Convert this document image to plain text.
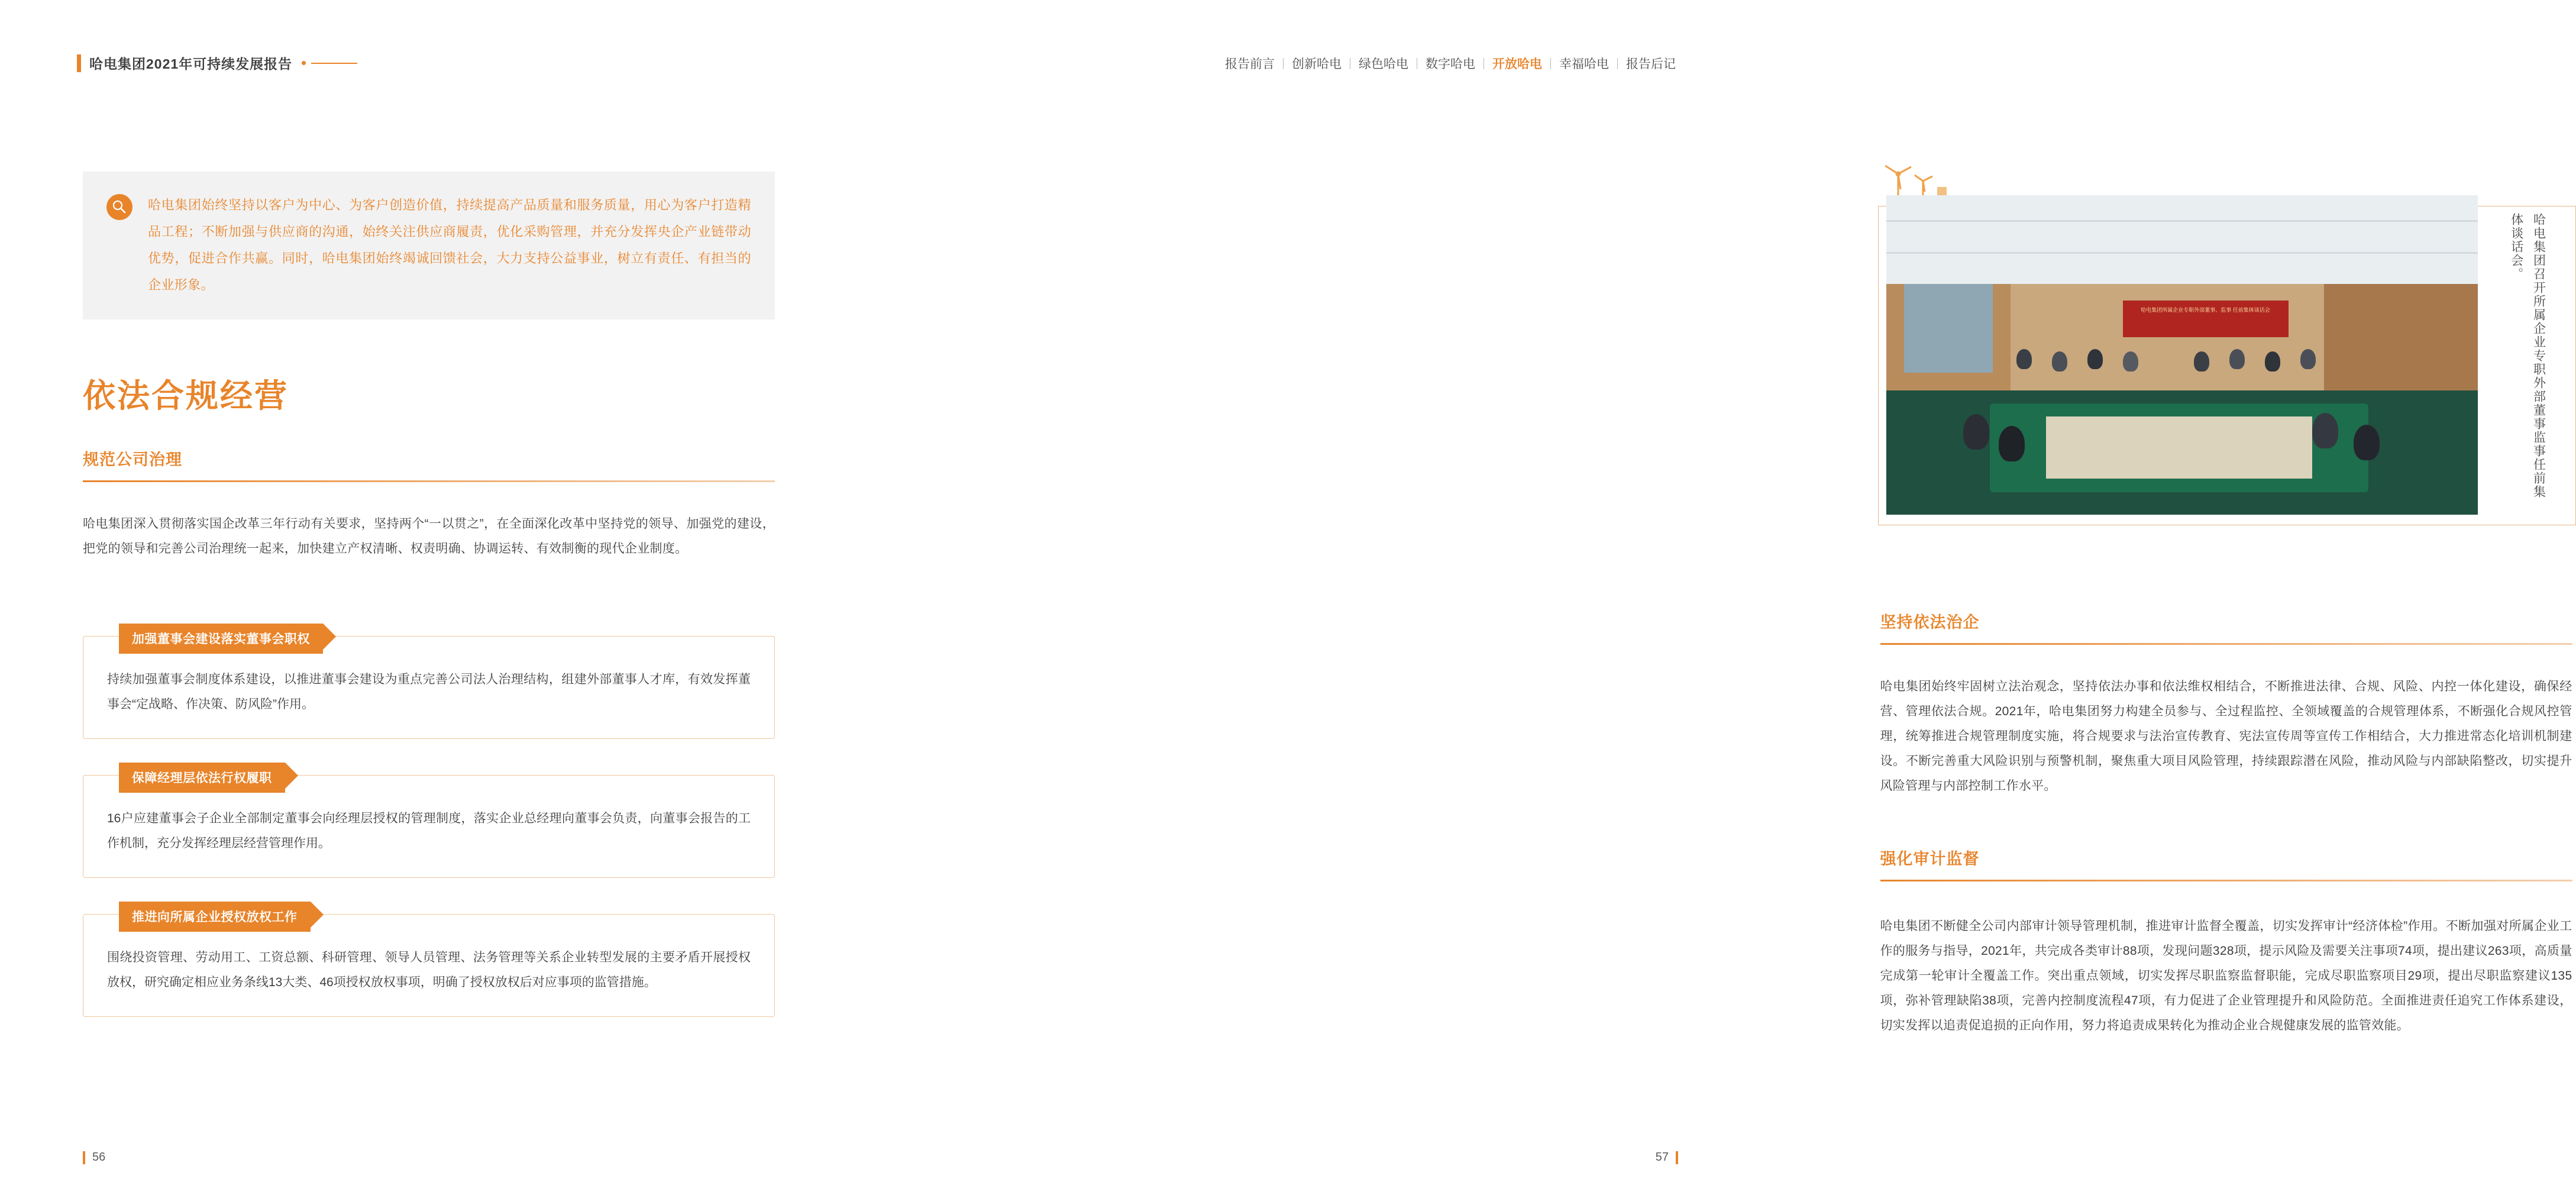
哈电集团2021年可持续发展报告
哈电集团始终坚持以客户为中心、为客户创造价值，持续提高产品质量和服务质量，用心为客户打造精品工程；不断加强与供应商的沟通，始终关注供应商履责，优化采购管理，并充分发挥央企产业链带动优势，促进合作共赢。同时，哈电集团始终竭诚回馈社会，大力支持公益事业，树立有责任、有担当的企业形象。
依法合规经营
规范公司治理
哈电集团深入贯彻落实国企改革三年行动有关要求，坚持两个“一以贯之”，在全面深化改革中坚持党的领导、加强党的建设，把党的领导和完善公司治理统一起来，加快建立产权清晰、权责明确、协调运转、有效制衡的现代企业制度。
加强董事会建设落实董事会职权

持续加强董事会制度体系建设，以推进董事会建设为重点完善公司法人治理结构，组建外部董事人才库，有效发挥董事会“定战略、作决策、防风险”作用。

保障经理层依法行权履职

16户应建董事会子企业全部制定董事会向经理层授权的管理制度，落实企业总经理向董事会负责，向董事会报告的工作机制，充分发挥经理层经营管理作用。

推进向所属企业授权放权工作

围绕投资管理、劳动用工、工资总额、科研管理、领导人员管理、法务管理等关系企业转型发展的主要矛盾开展授权放权，研究确定相应业务条线13大类、46项授权放权事项，明确了授权放权后对应事项的监管措施。

56
报告前言	创新哈电	绿色哈电	数字哈电	开放哈电	幸福哈电	报告后记
哈电集团所属企业专职外部董事、监事 任前集体谈话会	哈电集团召开所属企业专职外部董事监事任前集体谈话会。
坚持依法治企
哈电集团始终牢固树立法治观念，坚持依法办事和依法维权相结合，不断推进法律、合规、风险、内控一体化建设，确保经营、管理依法合规。2021年，哈电集团努力构建全员参与、全过程监控、全领域覆盖的合规管理体系，不断强化合规风控管理，统筹推进合规管理制度实施，将合规要求与法治宣传教育、宪法宣传周等宣传工作相结合，大力推进常态化培训机制建设。不断完善重大风险识别与预警机制，聚焦重大项目风险管理，持续跟踪潜在风险，推动风险与内部缺陷整改，切实提升风险管理与内部控制工作水平。
强化审计监督
哈电集团不断健全公司内部审计领导管理机制，推进审计监督全覆盖，切实发挥审计“经济体检”作用。不断加强对所属企业工作的服务与指导，2021年，共完成各类审计88项，发现问题328项，提示风险及需要关注事项74项，提出建议263项，高质量完成第一轮审计全覆盖工作。突出重点领域，切实发挥尽职监察监督职能，完成尽职监察项目29项，提出尽职监察建议135项，弥补管理缺陷38项，完善内控制度流程47项，有力促进了企业管理提升和风险防范。全面推进责任追究工作体系建设，切实发挥以追责促追损的正向作用，努力将追责成果转化为推动企业合规健康发展的监管效能。
57
